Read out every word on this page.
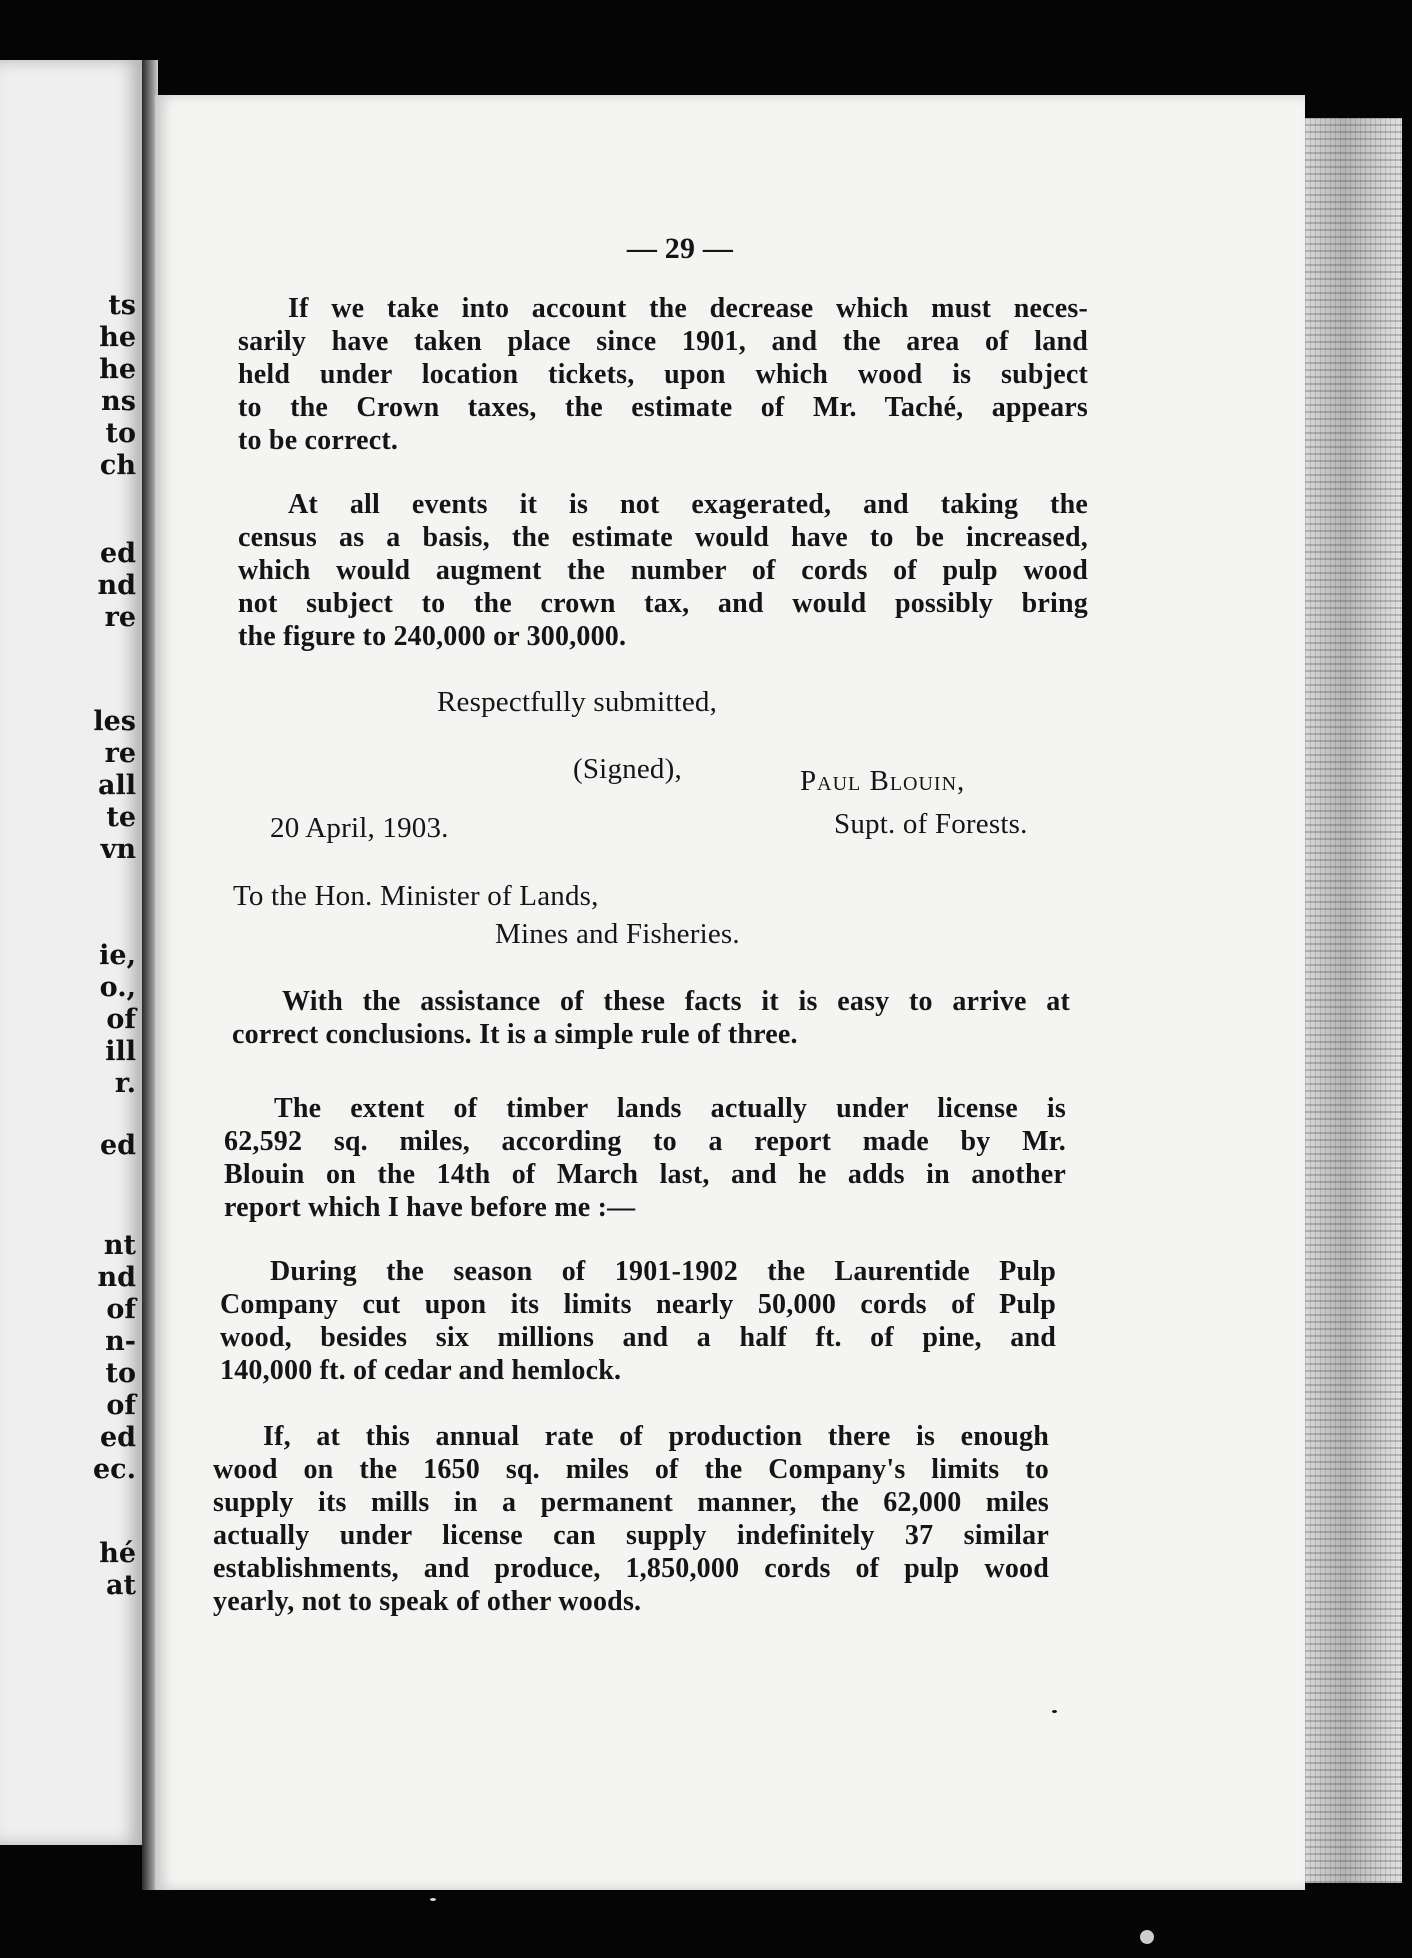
ts
he
he
ns
to
ch
ed
nd
re
les
re
all
te
vn
ie,
o.,
of
ill
r.
ed
nt
nd
of
n-
to
of
ed
ec.
hé
at
— 29 —
If we take into account the decrease which must neces-
sarily have taken place since 1901, and the area of land
held under location tickets, upon which wood is subject
to the Crown taxes, the estimate of Mr. Taché, appears
to be correct.
At all events it is not exagerated, and taking the
census as a basis, the estimate would have to be increased,
which would augment the number of cords of pulp wood
not subject to the crown tax, and would possibly bring
the figure to 240,000 or 300,000.
Respectfully submitted,
(Signed),	Paul Blouin,
20 April, 1903.	Supt. of Forests.
To the Hon. Minister of Lands,
Mines and Fisheries.
With the assistance of these facts it is easy to arrive at
correct conclusions. It is a simple rule of three.
The extent of timber lands actually under license is
62,592 sq. miles, according to a report made by Mr.
Blouin on the 14th of March last, and he adds in another
report which I have before me :—
During the season of 1901-1902 the Laurentide Pulp
Company cut upon its limits nearly 50,000 cords of Pulp
wood, besides six millions and a half ft. of pine, and
140,000 ft. of cedar and hemlock.
If, at this annual rate of production there is enough
wood on the 1650 sq. miles of the Company's limits to
supply its mills in a permanent manner, the 62,000 miles
actually under license can supply indefinitely 37 similar
establishments, and produce, 1,850,000 cords of pulp wood
yearly, not to speak of other woods.
